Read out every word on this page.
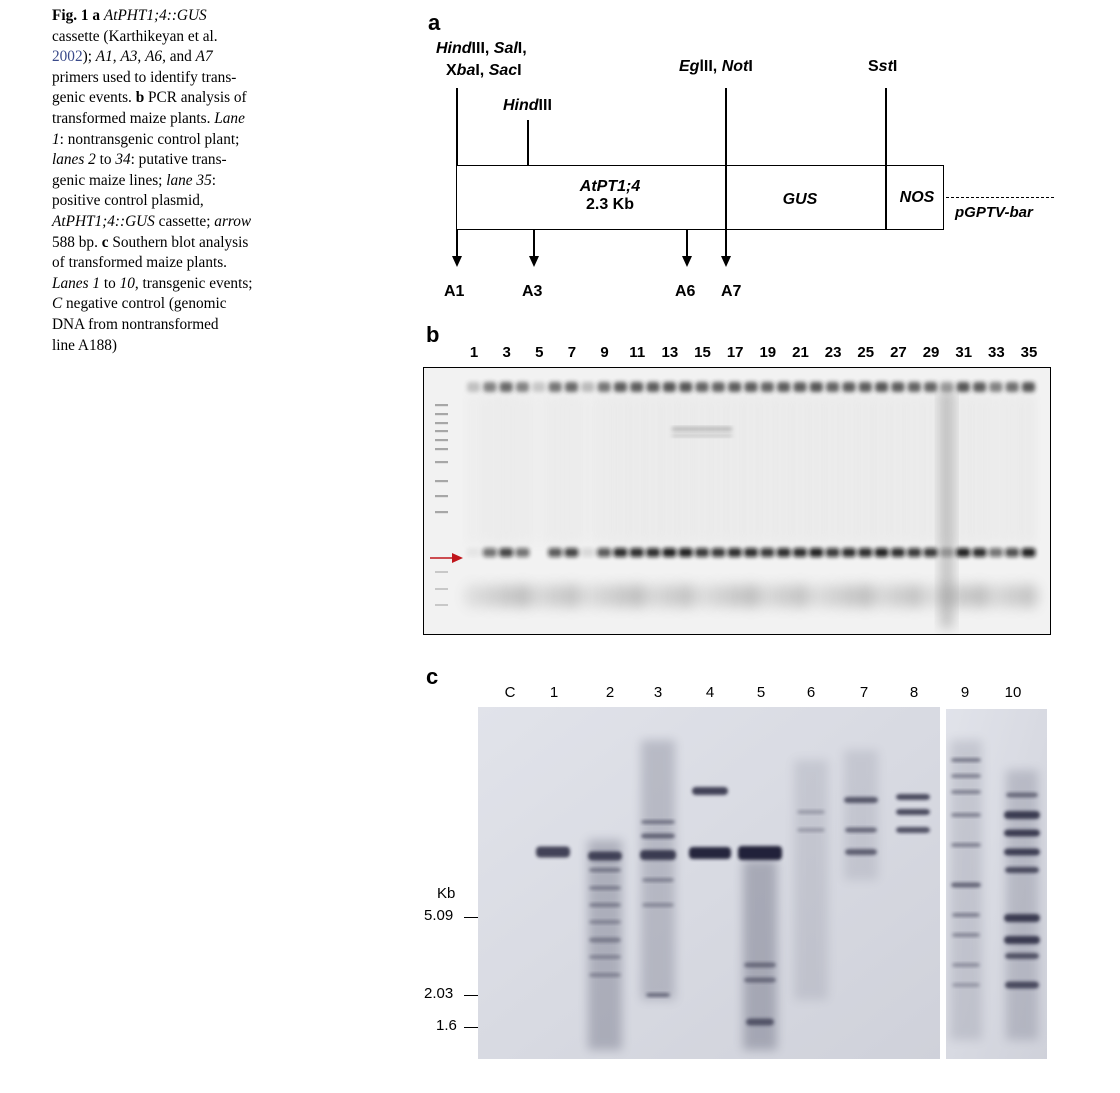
Fig. 1 a AtPHT1;4::GUS
cassette (Karthikeyan et al.
2002); A1, A3, A6, and A7
primers used to identify trans-
genic events. b PCR analysis of
transformed maize plants. Lane
1: nontransgenic control plant;
lanes 2 to 34: putative trans-
genic maize lines; lane 35:
positive control plasmid,
AtPHT1;4::GUS cassette; arrow
588 bp. c Southern blot analysis
of transformed maize plants.
Lanes 1 to 10, transgenic events;
C negative control (genomic
DNA from nontransformed
line A188)
a
HindIII, SalI,
XbaI, SacI
HindIII
EglII, NotI	SstI
AtPT1;4
2.3 Kb	GUS	NOS
pGPTV-bar
A1	A3	A6 A7
b
1 3 5 7 9 11 13 15 17 19 21 23 25 27 29 31 33 35
c
C 1	2	3	4	5	6	7	8	9 10
Kb
5.09
2.03
1.6
